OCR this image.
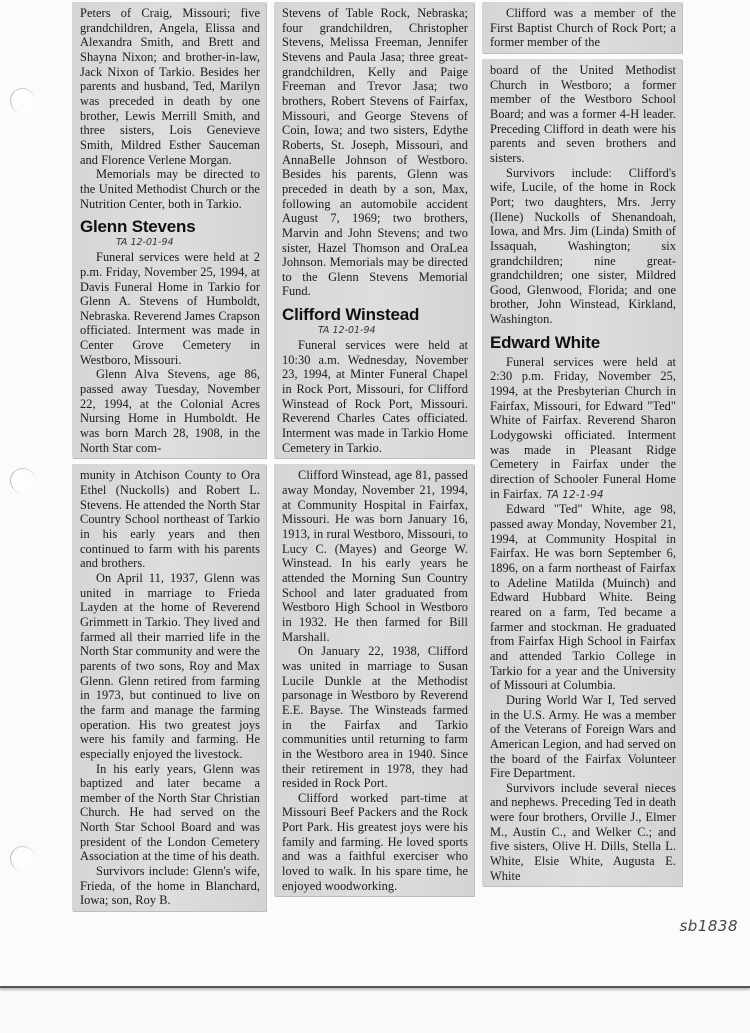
Peters of Craig, Missouri; five grandchildren, Angela, Elissa and Alexandra Smith, and Brett and Shayna Nixon; and brother-in-law, Jack Nixon of Tarkio. Besides her parents and husband, Ted, Marilyn was preceded in death by one brother, Lewis Merrill Smith, and three sisters, Lois Genevieve Smith, Mildred Esther Sauceman and Florence Verlene Morgan.

Memorials may be directed to the United Methodist Church or the Nutrition Center, both in Tarkio.

Glenn Stevens
TA 12-01-94

Funeral services were held at 2 p.m. Friday, November 25, 1994, at Davis Funeral Home in Tarkio for Glenn A. Stevens of Humboldt, Nebraska. Reverend James Crapson officiated. Interment was made in Center Grove Cemetery in Westboro, Missouri.

Glenn Alva Stevens, age 86, passed away Tuesday, November 22, 1994, at the Colonial Acres Nursing Home in Humboldt. He was born March 28, 1908, in the North Star com-

munity in Atchison County to Ora Ethel (Nuckolls) and Robert L. Stevens. He attended the North Star Country School northeast of Tarkio in his early years and then continued to farm with his parents and brothers.

On April 11, 1937, Glenn was united in marriage to Frieda Layden at the home of Reverend Grimmett in Tarkio. They lived and farmed all their married life in the North Star community and were the parents of two sons, Roy and Max Glenn. Glenn retired from farming in 1973, but continued to live on the farm and manage the farming operation. His two greatest joys were his family and farming. He especially enjoyed the livestock.

In his early years, Glenn was baptized and later became a member of the North Star Christian Church. He had served on the North Star School Board and was president of the London Cemetery Association at the time of his death.

Survivors include: Glenn's wife, Frieda, of the home in Blanchard, Iowa; son, Roy B.

Stevens of Table Rock, Nebraska; four grandchildren, Christopher Stevens, Melissa Freeman, Jennifer Stevens and Paula Jasa; three great-grandchildren, Kelly and Paige Freeman and Trevor Jasa; two brothers, Robert Stevens of Fairfax, Missouri, and George Stevens of Coin, Iowa; and two sisters, Edythe Roberts, St. Joseph, Missouri, and AnnaBelle Johnson of Westboro. Besides his parents, Glenn was preceded in death by a son, Max, following an automobile accident August 7, 1969; two brothers, Marvin and John Stevens; and two sister, Hazel Thomson and OraLea Johnson. Memorials may be directed to the Glenn Stevens Memorial Fund.

Clifford Winstead
TA 12-01-94

Funeral services were held at 10:30 a.m. Wednesday, November 23, 1994, at Minter Funeral Chapel in Rock Port, Missouri, for Clifford Winstead of Rock Port, Missouri. Reverend Charles Cates officiated. Interment was made in Tarkio Home Cemetery in Tarkio.

Clifford Winstead, age 81, passed away Monday, November 21, 1994, at Community Hospital in Fairfax, Missouri. He was born January 16, 1913, in rural Westboro, Missouri, to Lucy C. (Mayes) and George W. Winstead. In his early years he attended the Morning Sun Country School and later graduated from Westboro High School in Westboro in 1932. He then farmed for Bill Marshall.

On January 22, 1938, Clifford was united in marriage to Susan Lucile Dunkle at the Methodist parsonage in Westboro by Reverend E.E. Bayse. The Winsteads farmed in the Fairfax and Tarkio communities until returning to farm in the Westboro area in 1940. Since their retirement in 1978, they had resided in Rock Port.

Clifford worked part-time at Missouri Beef Packers and the Rock Port Park. His greatest joys were his family and farming. He loved sports and was a faithful exerciser who loved to walk. In his spare time, he enjoyed woodworking.

Clifford was a member of the First Baptist Church of Rock Port; a former member of the

board of the United Methodist Church in Westboro; a former member of the Westboro School Board; and was a former 4-H leader. Preceding Clifford in death were his parents and seven brothers and sisters.

Survivors include: Clifford's wife, Lucile, of the home in Rock Port; two daughters, Mrs. Jerry (Ilene) Nuckolls of Shenandoah, Iowa, and Mrs. Jim (Linda) Smith of Issaquah, Washington; six grandchildren; nine great-grandchildren; one sister, Mildred Good, Glenwood, Florida; and one brother, John Winstead, Kirkland, Washington.

Edward White

Funeral services were held at 2:30 p.m. Friday, November 25, 1994, at the Presbyterian Church in Fairfax, Missouri, for Edward "Ted" White of Fairfax. Reverend Sharon Lodygowski officiated. Interment was made in Pleasant Ridge Cemetery in Fairfax under the direction of Schooler Funeral Home in Fairfax. TA 12-1-94

Edward "Ted" White, age 98, passed away Monday, November 21, 1994, at Community Hospital in Fairfax. He was born September 6, 1896, on a farm northeast of Fairfax to Adeline Matilda (Muinch) and Edward Hubbard White. Being reared on a farm, Ted became a farmer and stockman. He graduated from Fairfax High School in Fairfax and attended Tarkio College in Tarkio for a year and the University of Missouri at Columbia.

During World War I, Ted served in the U.S. Army. He was a member of the Veterans of Foreign Wars and American Legion, and had served on the board of the Fairfax Volunteer Fire Department.

Survivors include several nieces and nephews. Preceding Ted in death were four brothers, Orville J., Elmer M., Austin C., and Welker C.; and five sisters, Olive H. Dills, Stella L. White, Elsie White, Augusta E. White

sb1838
